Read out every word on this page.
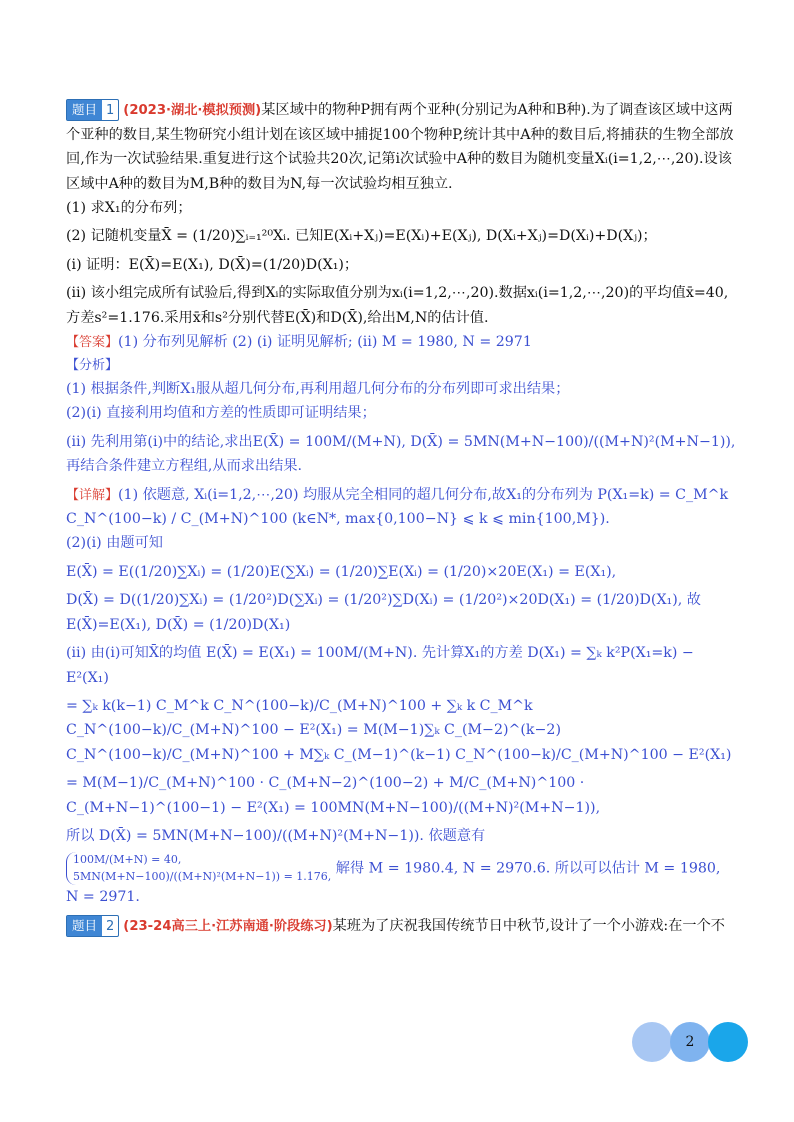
题目 1 (2023·湖北·模拟预测)某区域中的物种P拥有两个亚种(分别记为A种和B种).为了调查该区域中这两个亚种的数目,某生物研究小组计划在该区域中捕捉100个物种P,统计其中A种的数目后,将捕获的生物全部放回,作为一次试验结果.重复进行这个试验共20次,记第i次试验中A种的数目为随机变量Xᵢ(i=1,2,⋯,20).设该区域中A种的数目为M,B种的数目为N,每一次试验均相互独立.

(1) 求X₁的分布列；

(2) 记随机变量X̄ = (1/20)∑ᵢ₌₁²⁰Xᵢ. 已知E(Xᵢ+Xⱼ)=E(Xᵢ)+E(Xⱼ), D(Xᵢ+Xⱼ)=D(Xᵢ)+D(Xⱼ)；

(ⅰ) 证明：E(X̄)=E(X₁), D(X̄)=(1/20)D(X₁)；

(ⅱ) 该小组完成所有试验后,得到Xᵢ的实际取值分别为xᵢ(i=1,2,⋯,20).数据xᵢ(i=1,2,⋯,20)的平均值x̄=40,方差s²=1.176.采用x̄和s²分别代替E(X̄)和D(X̄),给出M,N的估计值.

【答案】(1) 分布列见解析 (2) (ⅰ) 证明见解析; (ⅱ) M = 1980, N = 2971

【分析】

(1) 根据条件,判断X₁服从超几何分布,再利用超几何分布的分布列即可求出结果；

(2)(ⅰ) 直接利用均值和方差的性质即可证明结果；

(ⅱ) 先利用第(ⅰ)中的结论,求出E(X̄) = 100M/(M+N), D(X̄) = 5MN(M+N−100)/((M+N)²(M+N−1)),再结合条件建立方程组,从而求出结果.

【详解】(1) 依题意, Xᵢ(i=1,2,⋯,20) 均服从完全相同的超几何分布,故X₁的分布列为 P(X₁=k) = C_M^k C_N^(100−k) / C_(M+N)^100 (k∈N*, max{0,100−N} ⩽ k ⩽ min{100,M}).

(2)(ⅰ) 由题可知

E(X̄) = E((1/20)∑Xᵢ) = (1/20)E(∑Xᵢ) = (1/20)∑E(Xᵢ) = (1/20)×20E(X₁) = E(X₁),

D(X̄) = D((1/20)∑Xᵢ) = (1/20²)D(∑Xᵢ) = (1/20²)∑D(Xᵢ) = (1/20²)×20D(X₁) = (1/20)D(X₁), 故 E(X̄)=E(X₁), D(X̄) = (1/20)D(X₁)

(ⅱ) 由(ⅰ)可知X̄的均值 E(X̄) = E(X₁) = 100M/(M+N). 先计算X₁的方差 D(X₁) = ∑ₖ k²P(X₁=k) − E²(X₁)

= ∑ₖ k(k−1) C_M^k C_N^(100−k)/C_(M+N)^100 + ∑ₖ k C_M^k C_N^(100−k)/C_(M+N)^100 − E²(X₁) = M(M−1)∑ₖ C_(M−2)^(k−2) C_N^(100−k)/C_(M+N)^100 + M∑ₖ C_(M−1)^(k−1) C_N^(100−k)/C_(M+N)^100 − E²(X₁)

= M(M−1)/C_(M+N)^100 · C_(M+N−2)^(100−2) + M/C_(M+N)^100 · C_(M+N−1)^(100−1) − E²(X₁) = 100MN(M+N−100)/((M+N)²(M+N−1)),

所以 D(X̄) = 5MN(M+N−100)/((M+N)²(M+N−1)). 依题意有

100M/(M+N) = 40,
5MN(M+N−100)/((M+N)²(M+N−1)) = 1.176, 解得 M = 1980.4, N = 2970.6. 所以可以估计 M = 1980, N = 2971.

题目 2 (23-24高三上·江苏南通·阶段练习)某班为了庆祝我国传统节日中秋节,设计了一个小游戏:在一个不

2
